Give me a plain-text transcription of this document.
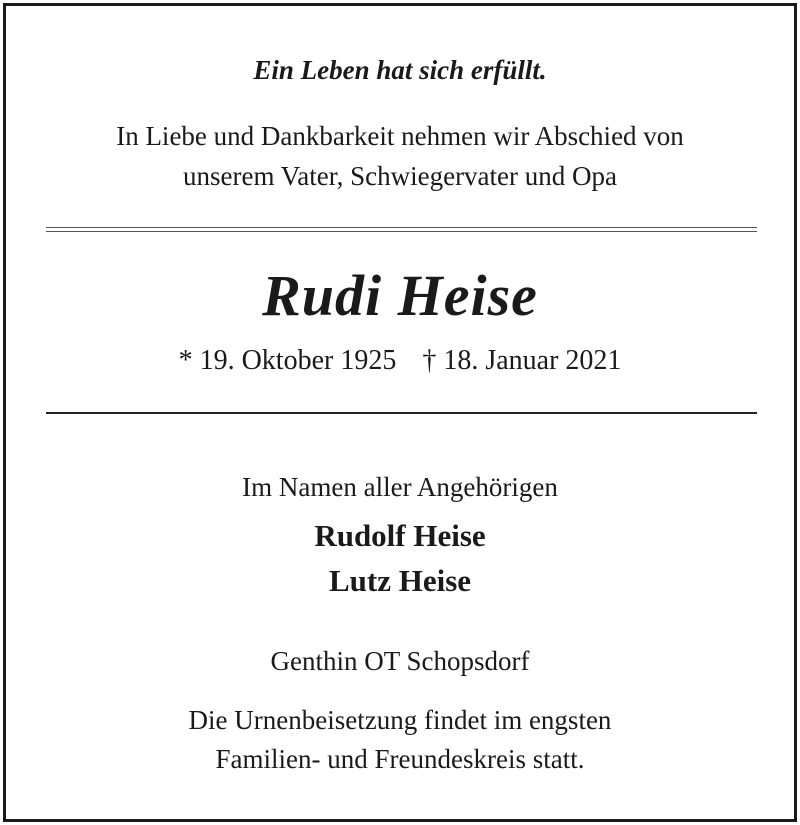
Ein Leben hat sich erfüllt.
In Liebe und Dankbarkeit nehmen wir Abschied von
unserem Vater, Schwiegervater und Opa
Rudi Heise
* 19. Oktober 1925 † 18. Januar 2021
Im Namen aller Angehörigen
Rudolf Heise
Lutz Heise
Genthin OT Schopsdorf
Die Urnenbeisetzung findet im engsten
Familien- und Freundeskreis statt.
